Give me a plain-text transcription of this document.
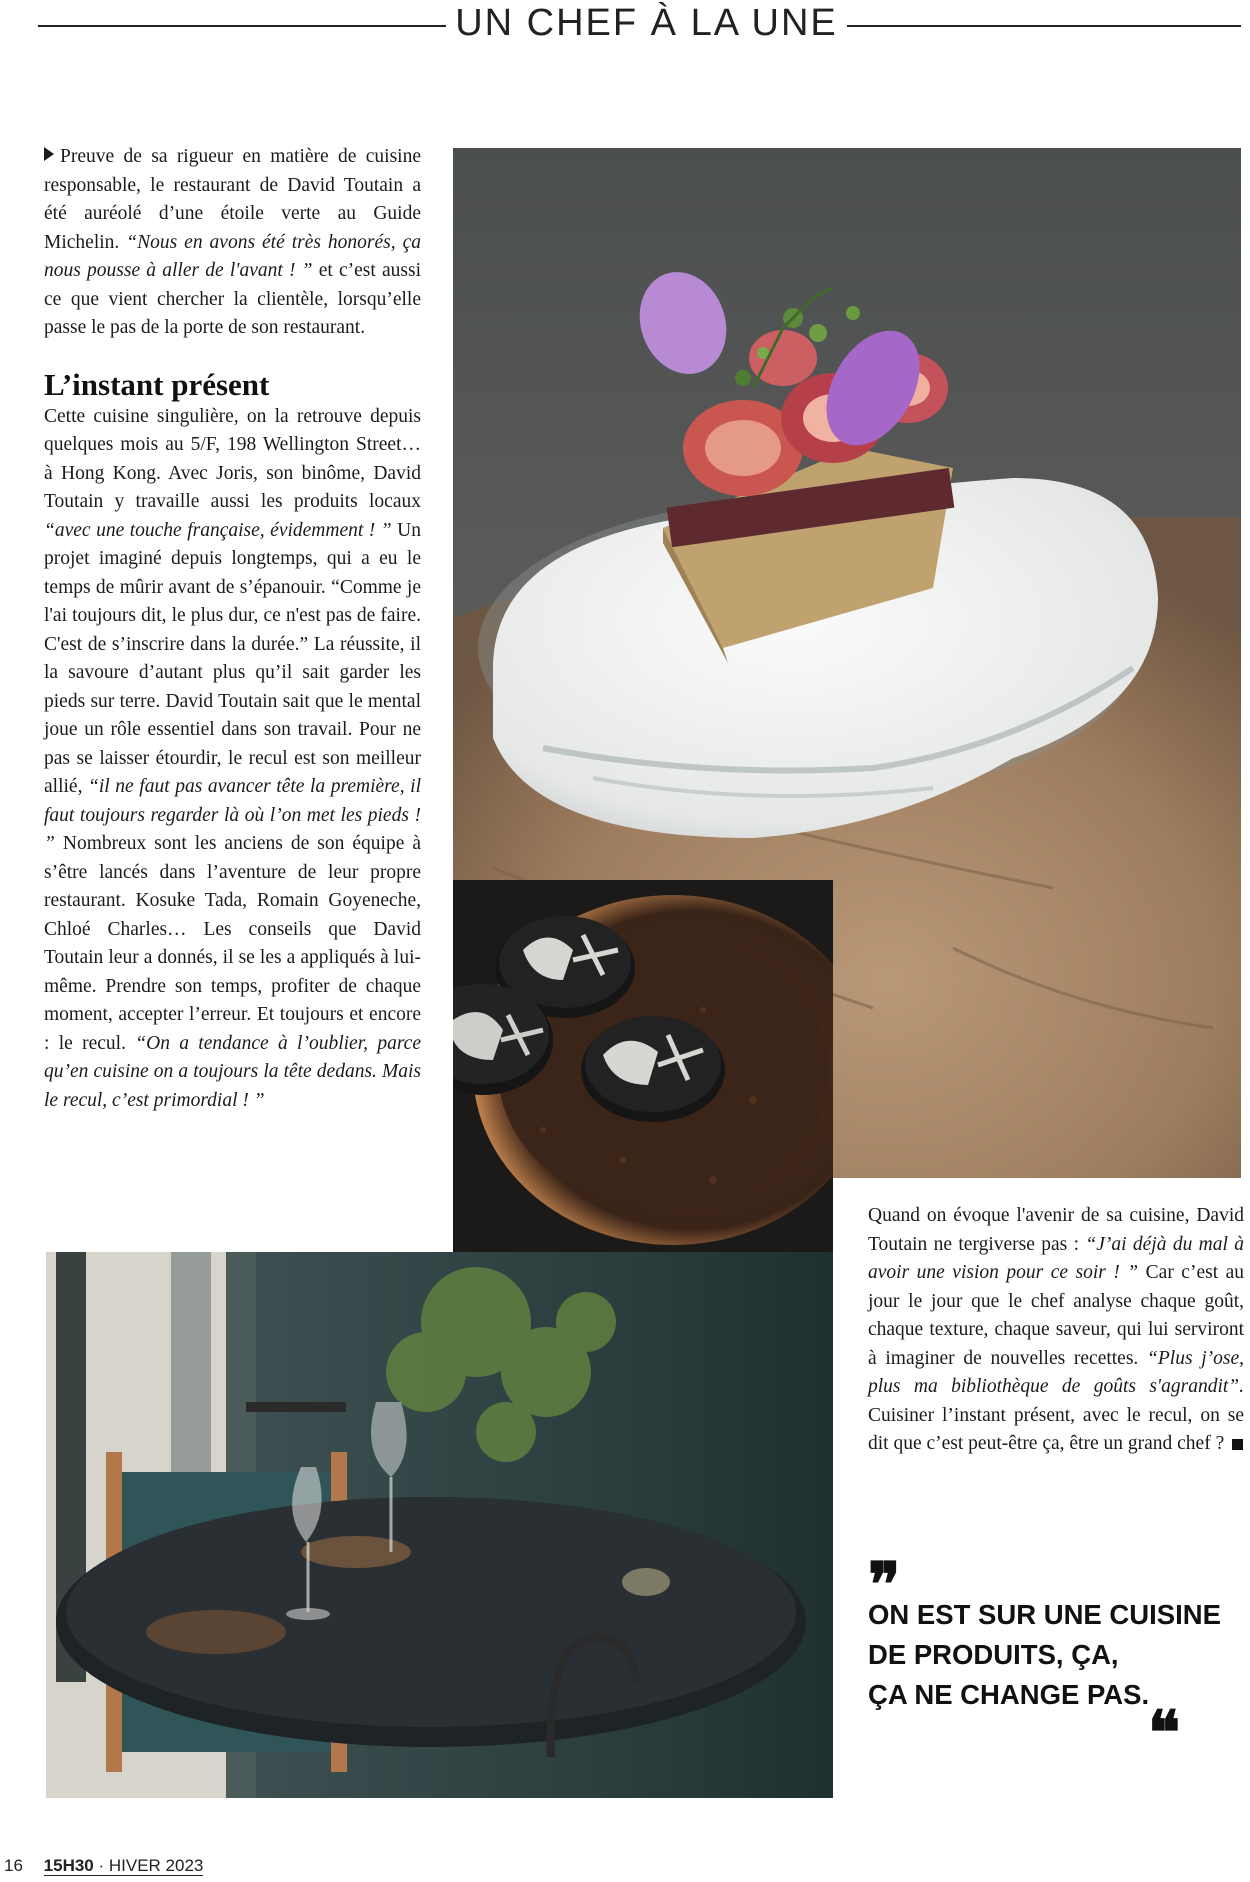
UN CHEF À LA UNE

Preuve de sa rigueur en matière de cuisine responsable, le restaurant de David Toutain a été auréolé d’une étoile verte au Guide Michelin. “Nous en avons été très honorés, ça nous pousse à aller de l'avant ! ” et c’est aussi ce que vient chercher la clientèle, lorsqu’elle passe le pas de la porte de son restaurant.

L’instant présent

Cette cuisine singulière, on la retrouve depuis quelques mois au 5/F, 198 Wellington Street… à Hong Kong. Avec Joris, son binôme, David Toutain y travaille aussi les produits locaux “avec une touche française, évidemment ! ” Un projet imaginé depuis longtemps, qui a eu le temps de mûrir avant de s’épanouir. “Comme je l'ai toujours dit, le plus dur, ce n'est pas de faire. C'est de s’inscrire dans la durée.” La réussite, il la savoure d’autant plus qu’il sait garder les pieds sur terre. David Toutain sait que le mental joue un rôle essentiel dans son travail. Pour ne pas se laisser étourdir, le recul est son meilleur allié, “il ne faut pas avancer tête la première, il faut toujours regarder là où l’on met les pieds ! ” Nombreux sont les anciens de son équipe à s’être lancés dans l’aventure de leur propre restaurant. Kosuke Tada, Romain Goyeneche, Chloé Charles… Les conseils que David Toutain leur a donnés, il se les a appliqués à lui-même. Prendre son temps, profiter de chaque moment, accepter l’erreur. Et toujours et encore : le recul. “On a tendance à l’oublier, parce qu’en cuisine on a toujours la tête dedans. Mais le recul, c’est primordial ! ”

Quand on évoque l'avenir de sa cuisine, David Toutain ne tergiverse pas : “J’ai déjà du mal à avoir une vision pour ce soir ! ” Car c’est au jour le jour que le chef analyse chaque goût, chaque texture, chaque saveur, qui lui serviront à imaginer de nouvelles recettes. “Plus j’ose, plus ma bibliothèque de goûts s'agrandit”. Cuisiner l’instant présent, avec le recul, on se dit que c’est peut-être ça, être un grand chef ?

❞
ON EST SUR UNE CUISINE
DE PRODUITS, ÇA,
ÇA NE CHANGE PAS.
❞
16 15H30 · HIVER 2023
